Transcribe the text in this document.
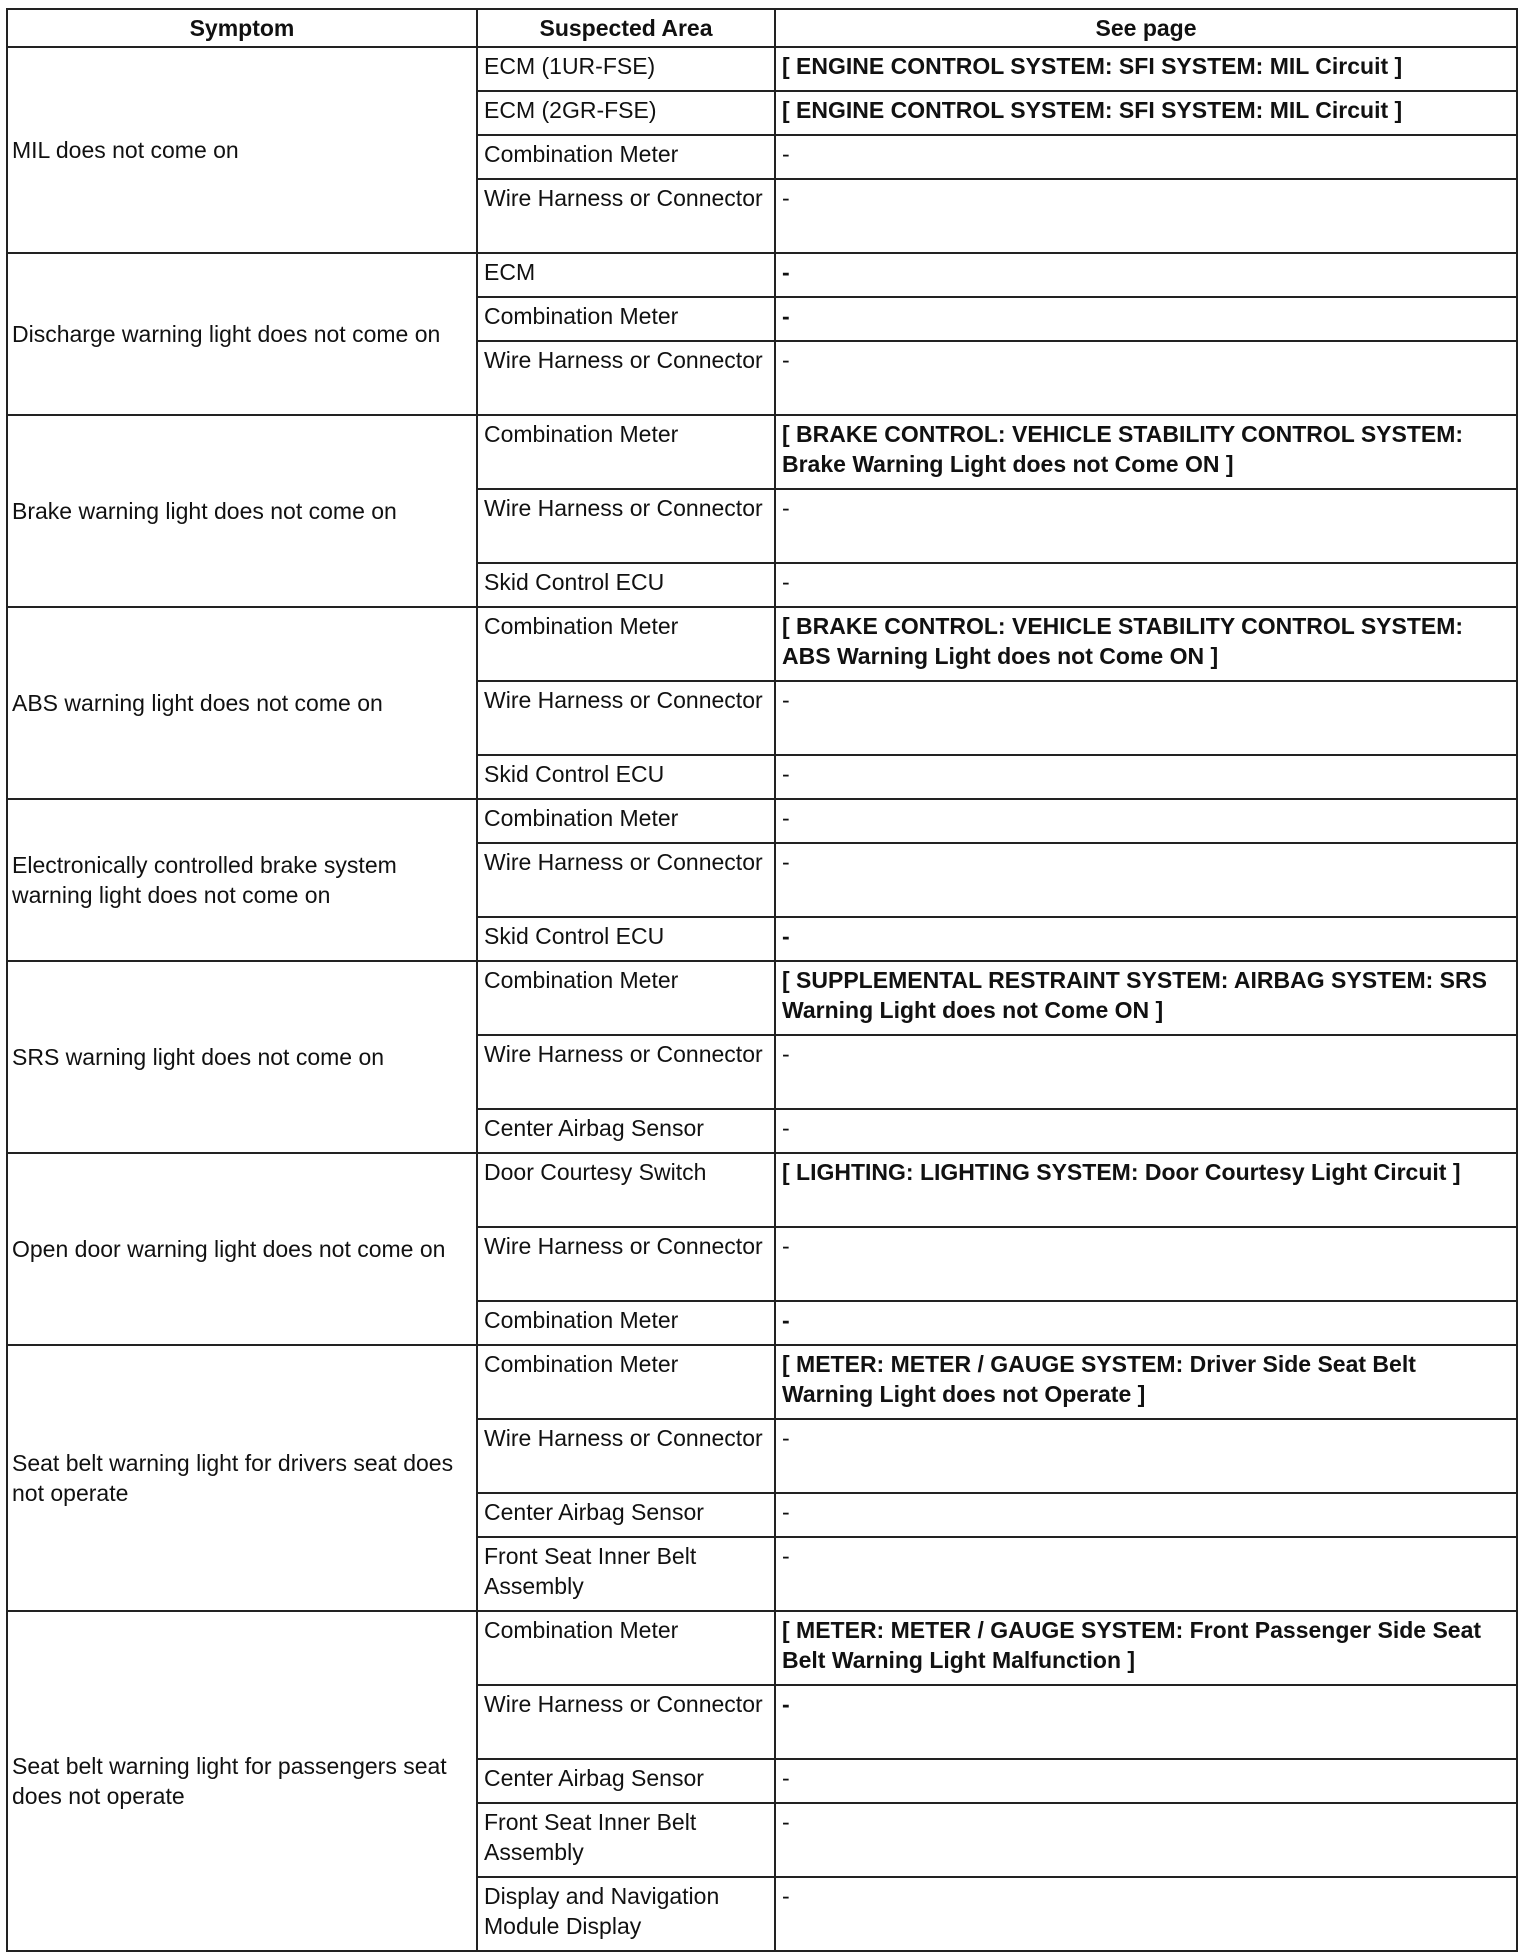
Symptom	Suspected Area	See page
MIL does not come on	ECM (1UR-FSE)	[ ENGINE CONTROL SYSTEM: SFI SYSTEM: MIL Circuit ]
	ECM (2GR-FSE)	[ ENGINE CONTROL SYSTEM: SFI SYSTEM: MIL Circuit ]
	Combination Meter	-
	Wire Harness or Connector	-
Discharge warning light does not come on	ECM	-
	Combination Meter	-
	Wire Harness or Connector	-
Brake warning light does not come on	Combination Meter	[ BRAKE CONTROL: VEHICLE STABILITY CONTROL SYSTEM: Brake Warning Light does not Come ON ]
	Wire Harness or Connector	-
	Skid Control ECU	-
ABS warning light does not come on	Combination Meter	[ BRAKE CONTROL: VEHICLE STABILITY CONTROL SYSTEM: ABS Warning Light does not Come ON ]
	Wire Harness or Connector	-
	Skid Control ECU	-
Electronically controlled brake system warning light does not come on	Combination Meter	-
	Wire Harness or Connector	-
	Skid Control ECU	-
SRS warning light does not come on	Combination Meter	[ SUPPLEMENTAL RESTRAINT SYSTEM: AIRBAG SYSTEM: SRS Warning Light does not Come ON ]
	Wire Harness or Connector	-
	Center Airbag Sensor	-
Open door warning light does not come on	Door Courtesy Switch	[ LIGHTING: LIGHTING SYSTEM: Door Courtesy Light Circuit ]
	Wire Harness or Connector	-
	Combination Meter	-
Seat belt warning light for drivers seat does not operate	Combination Meter	[ METER: METER / GAUGE SYSTEM: Driver Side Seat Belt Warning Light does not Operate ]
	Wire Harness or Connector	-
	Center Airbag Sensor	-
	Front Seat Inner Belt Assembly	-
Seat belt warning light for passengers seat does not operate	Combination Meter	[ METER: METER / GAUGE SYSTEM: Front Passenger Side Seat Belt Warning Light Malfunction ]
	Wire Harness or Connector	-
	Center Airbag Sensor	-
	Front Seat Inner Belt Assembly	-
	Display and Navigation Module Display	-
